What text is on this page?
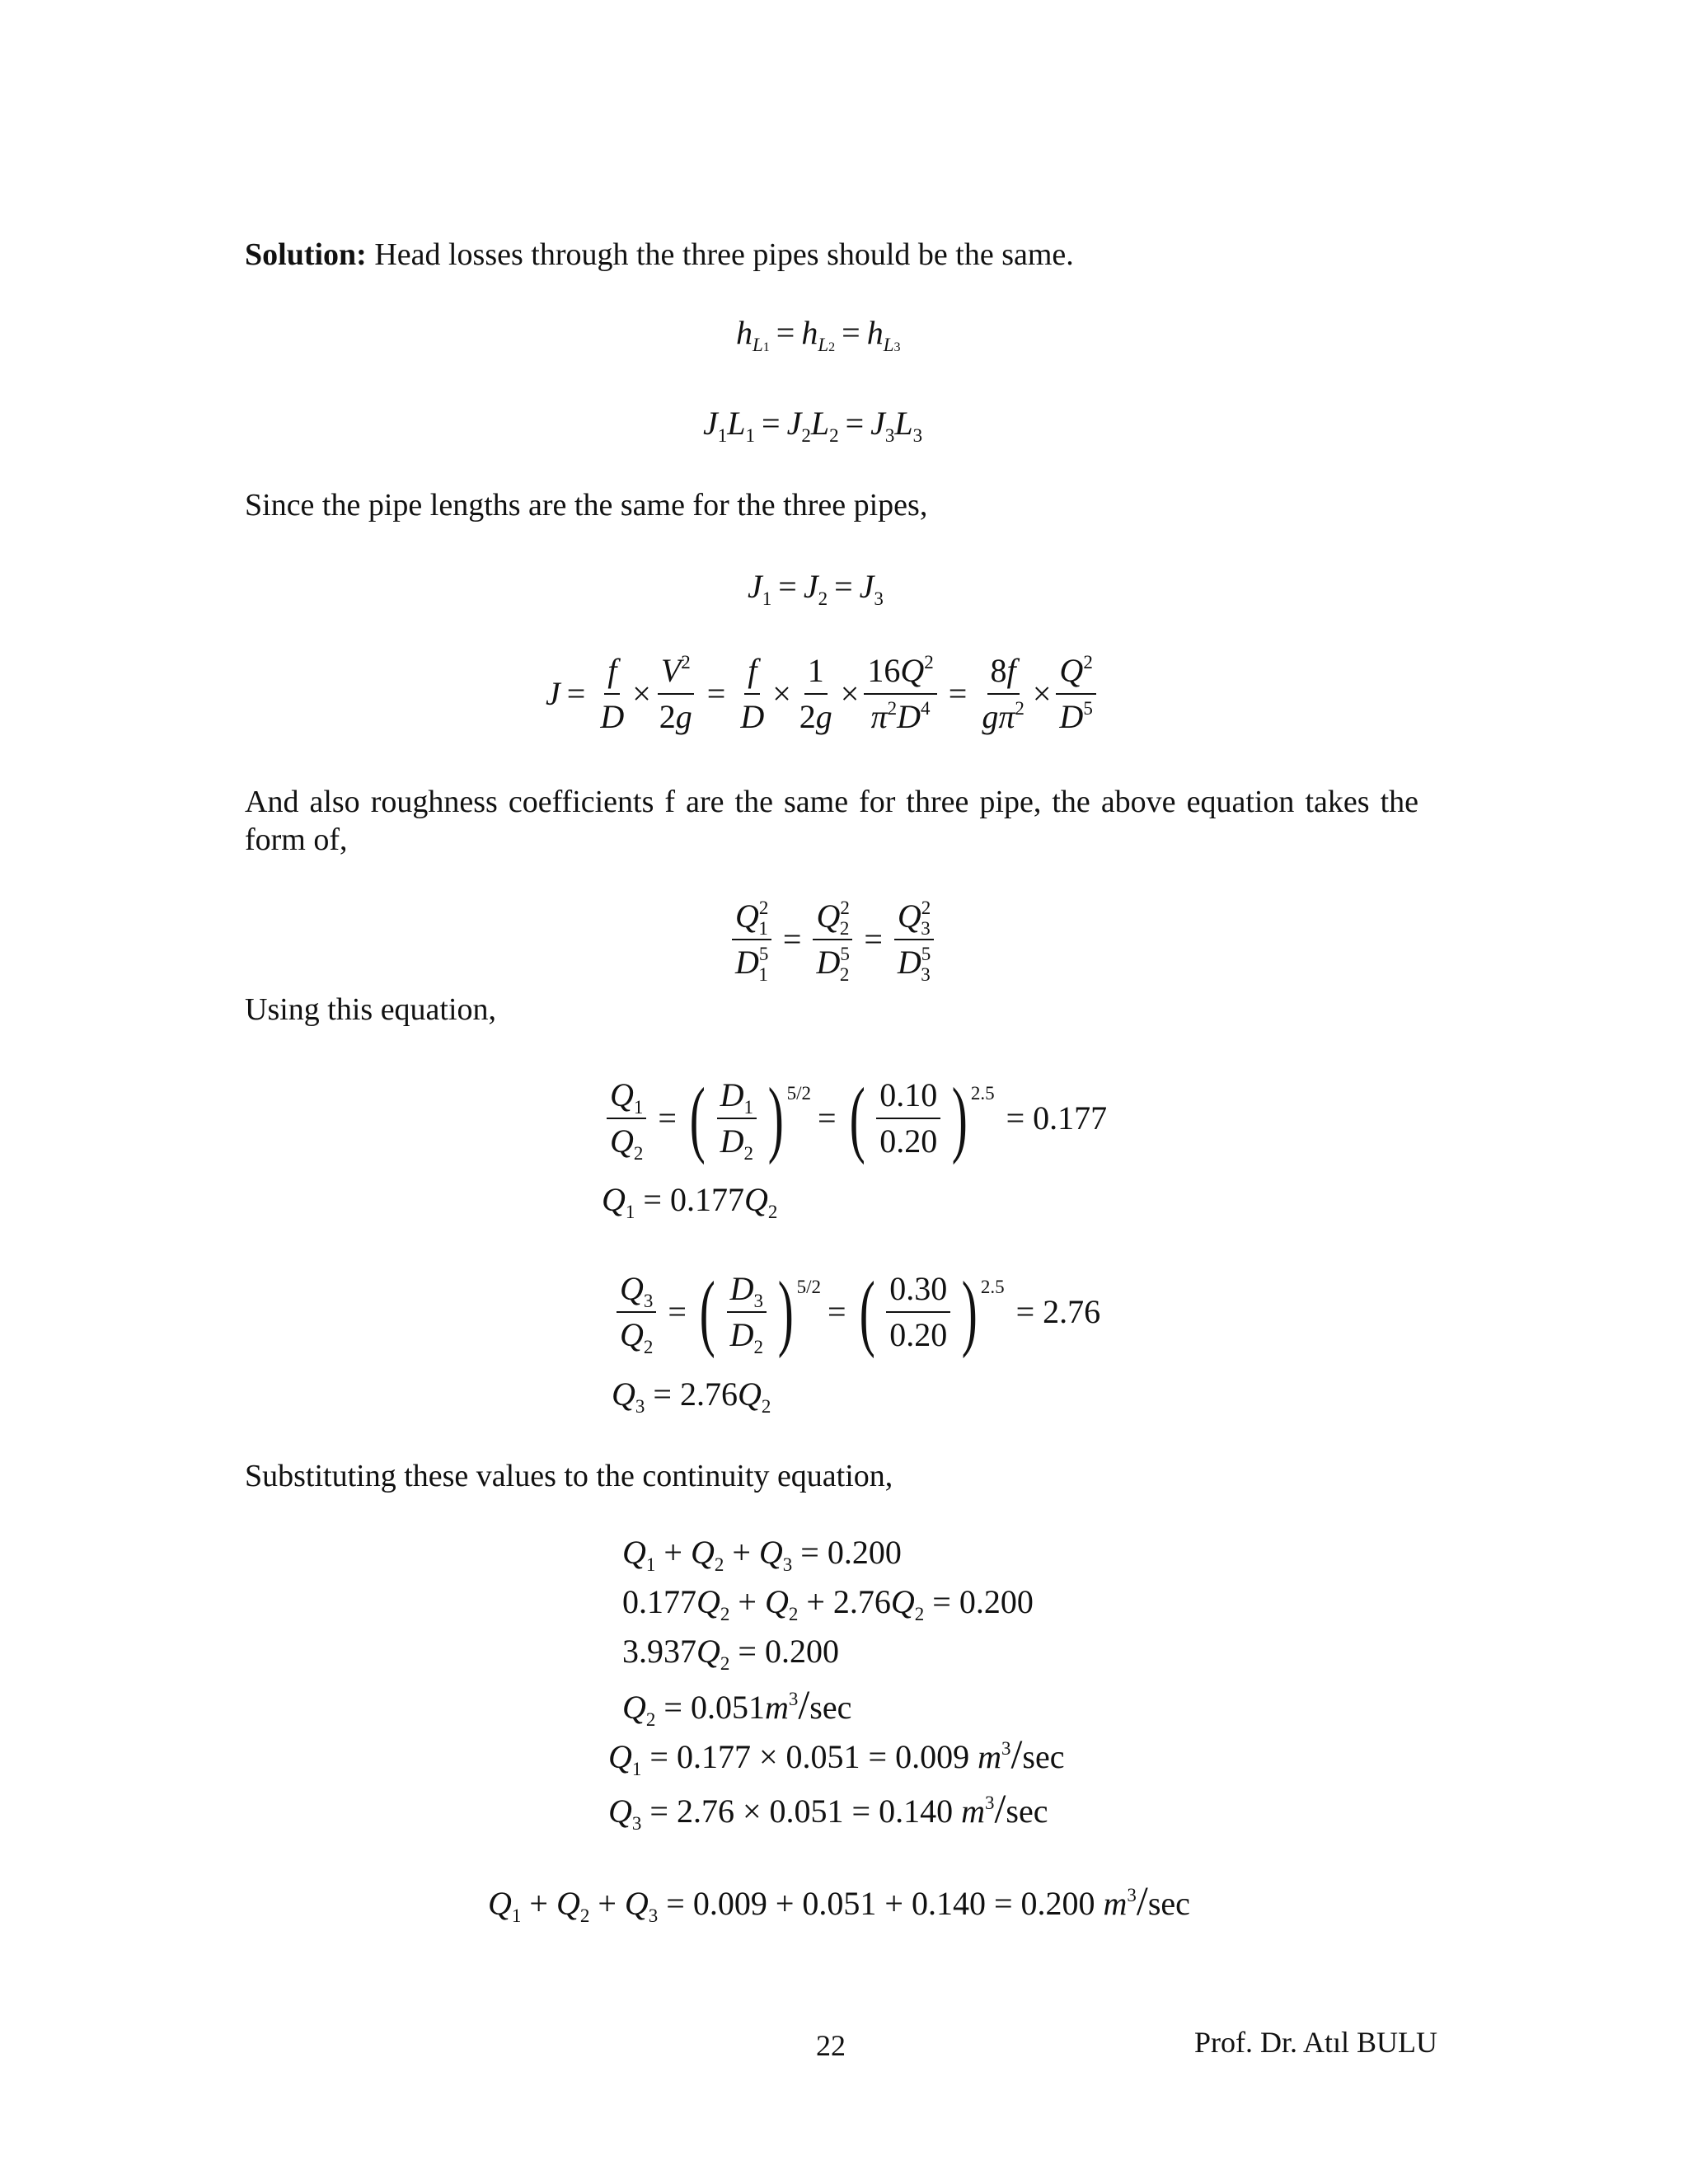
Solution: Head losses through the three pipes should be the same.

$h_{L1} = h_{L2} = h_{L3}$
$J_1L_1 = J_2L_2 = J_3L_3$

Since the pipe lengths are the same for the three pipes,

$J_1 = J_2 = J_3$
$J = \frac{f}{D} \times \frac{V^2}{2g} = \frac{f}{D} \times \frac{1}{2g} \times \frac{16Q^2}{\pi^2D^4} = \frac{8f}{g\pi^2} \times \frac{Q^2}{D^5}$

And also roughness coefficients f are the same for three pipe, the above equation takes the form of,

$\frac{Q^2_1}{D^5_1} = \frac{Q^2_2}{D^5_2} = \frac{Q^2_3}{D^5_3}$

Using this equation,

$\frac{Q_1}{Q_2}$ = ( $\frac{D_1}{D_2}$ ) 5/2
= ( $\frac{0.10}{0.20}$ ) 2.5
= 0.177
$Q_1 = 0.177Q_2$
$\frac{Q_3}{Q_2}$ = ( $\frac{D_3}{D_2}$ ) 5/2
= ( $\frac{0.30}{0.20}$ ) 2.5
= 2.76
$Q_3 = 2.76Q_2$

Substituting these values to the continuity equation,

$Q_1 + Q_2 + Q_3 = 0.200$
$0.177Q_2 + Q_2 + 2.76Q_2 = 0.200$
$3.937Q_2 = 0.200$
$Q_2 = 0.051m^3/\sec$
$Q_1 = 0.177 \times 0.051 = 0.009$ $m^3/\sec$
$Q_3 = 2.76 \times 0.051 = 0.140$ $m^3/\sec$
$Q_1 + Q_2 + Q_3 = 0.009 + 0.051 + 0.140 = 0.200$ $m^3/\sec$
22	Prof. Dr. Atıl BULU
